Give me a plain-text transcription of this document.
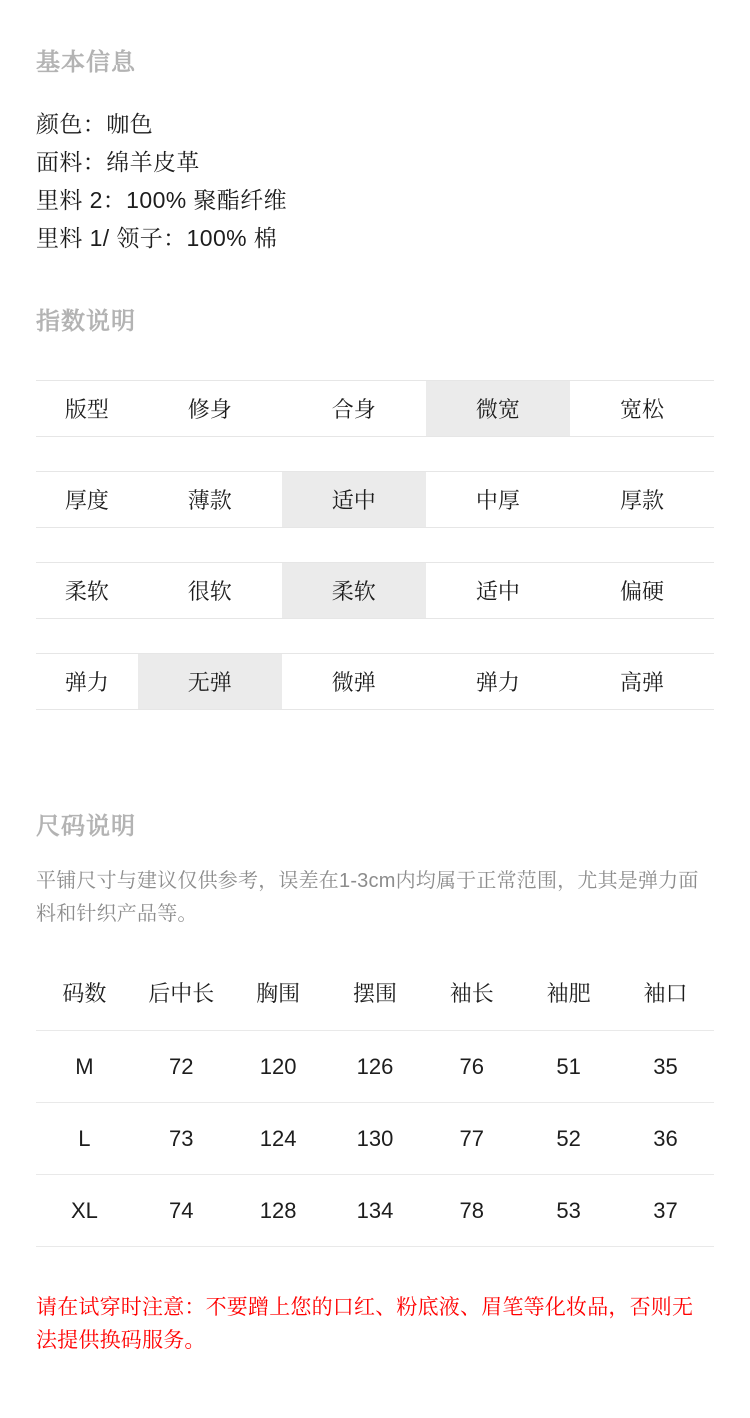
基本信息
颜色：咖色
面料：绵羊皮革
里料 2：100% 聚酯纤维
里料 1/ 领子：100% 棉
指数说明
版型	修身	合身	微宽	宽松

厚度	薄款	适中	中厚	厚款

柔软	很软	柔软	适中	偏硬

弹力	无弹	微弹	弹力	高弹
尺码说明

平铺尺寸与建议仅供参考，误差在1-3cm内均属于正常范围，尤其是弹力面料和针织产品等。

码数	后中长	胸围	摆围	袖长	袖肥	袖口
M	72	120	126	76	51	35
L	73	124	130	77	52	36
XL	74	128	134	78	53	37

请在试穿时注意：不要蹭上您的口红、粉底液、眉笔等化妆品，否则无法提供换码服务。
